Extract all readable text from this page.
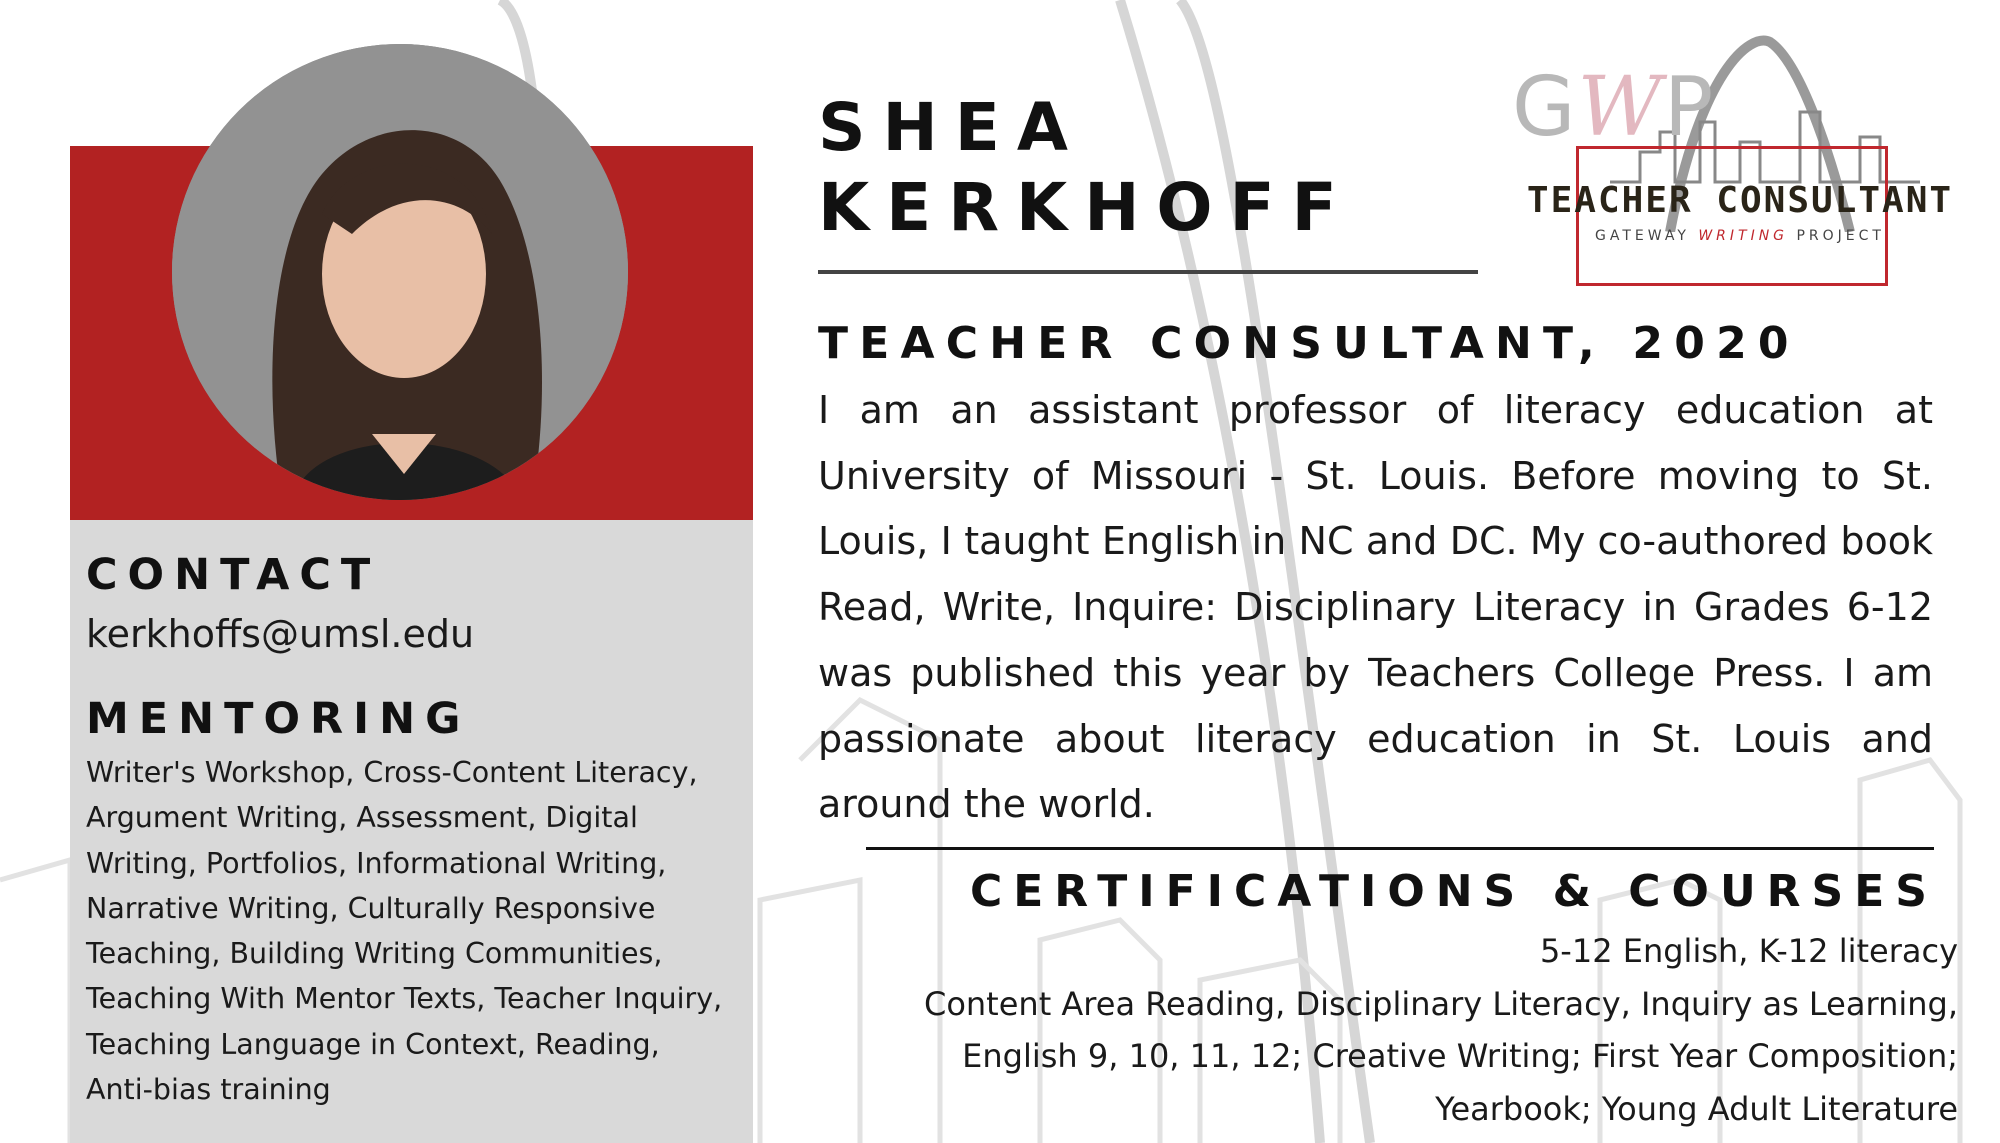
CONTACT
kerkhoffs@umsl.edu
MENTORING
Writer's Workshop, Cross-Content Literacy, Argument Writing, Assessment, Digital Writing, Portfolios, Informational Writing, Narrative Writing, Culturally Responsive Teaching, Building Writing Communities, Teaching With Mentor Texts, Teacher Inquiry, Teaching Language in Context, Reading, Anti-bias training
SHEA
KERKHOFF
TEACHER CONSULTANT, 2020
I am an assistant professor of literacy education at University of Missouri - St. Louis. Before moving to St. Louis, I taught English in NC and DC. My co-authored book Read, Write, Inquire: Disciplinary Literacy in Grades 6-12 was published this year by Teachers College Press. I am passionate about literacy education in St. Louis and around the world.
CERTIFICATIONS & COURSES
5-12 English, K-12 literacy
Content Area Reading, Disciplinary Literacy, Inquiry as Learning,
English 9, 10, 11, 12; Creative Writing; First Year Composition;
Yearbook; Young Adult Literature
GWP
TEACHER CONSULTANT
GATEWAY WRITING PROJECT
